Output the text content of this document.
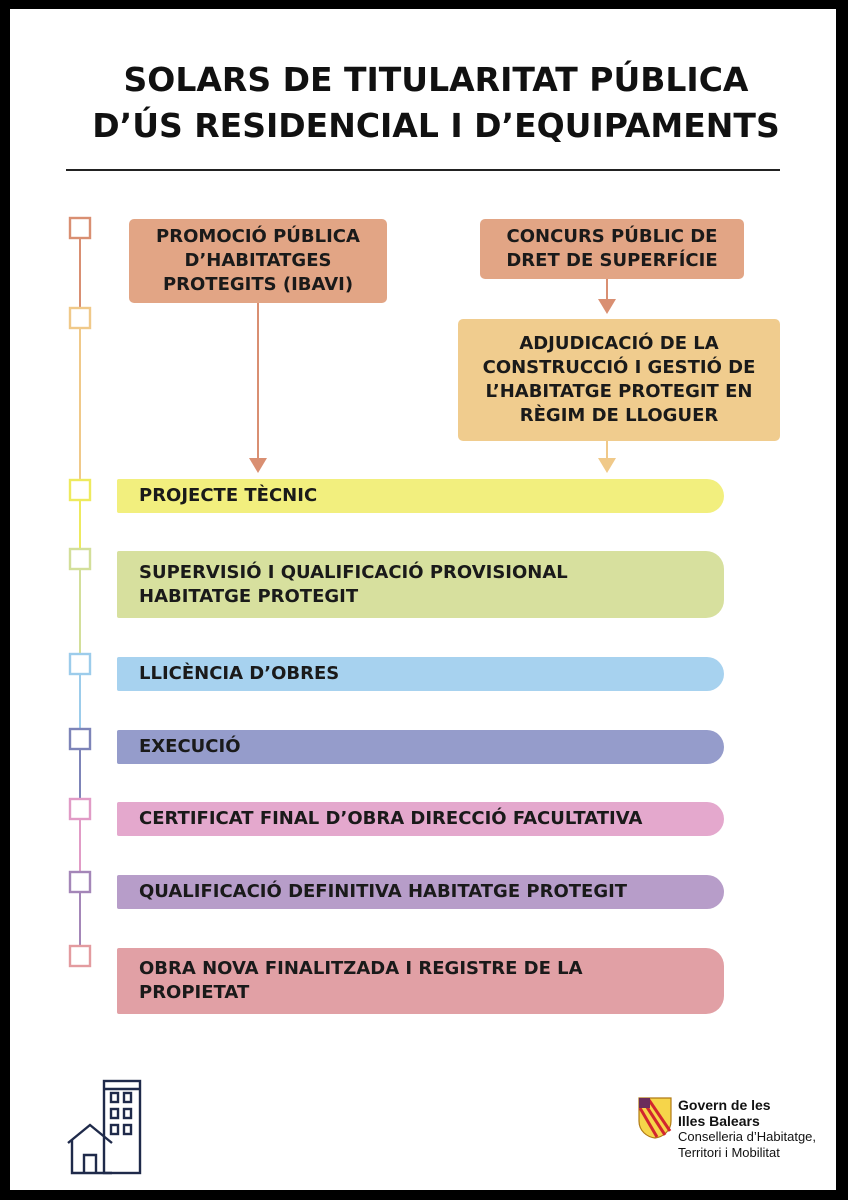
SOLARS DE TITULARITAT PÚBLICA
D’ÚS RESIDENCIAL I D’EQUIPAMENTS
PROMOCIÓ PÚBLICA D’HABITATGES PROTEGITS (IBAVI)
CONCURS PÚBLIC DE DRET DE SUPERFÍCIE
ADJUDICACIÓ DE LA CONSTRUCCIÓ I GESTIÓ DE L’HABITATGE PROTEGIT EN RÈGIM DE LLOGUER
PROJECTE TÈCNIC
SUPERVISIÓ I QUALIFICACIÓ PROVISIONAL
HABITATGE PROTEGIT
LLICÈNCIA D’OBRES
EXECUCIÓ
CERTIFICAT FINAL D’OBRA DIRECCIÓ FACULTATIVA
QUALIFICACIÓ DEFINITIVA HABITATGE PROTEGIT
OBRA NOVA FINALITZADA I REGISTRE DE LA
PROPIETAT
Govern de les
Illes Balears
Conselleria d’Habitatge,
Territori i Mobilitat
